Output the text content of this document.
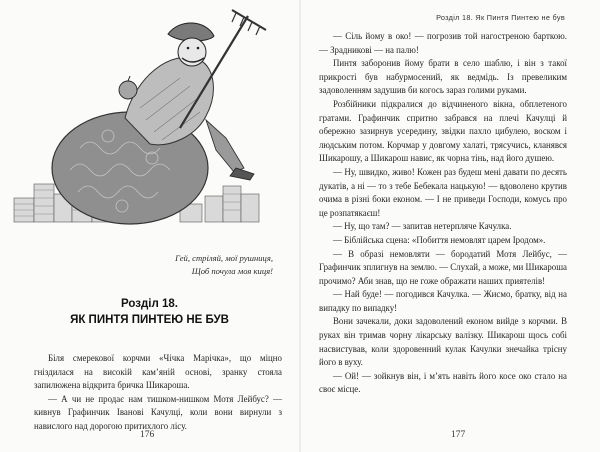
Гей, стріляй, мої рушниця,
Щоб почула моя киця!
Розділ 18.
ЯК ПИНТЯ ПИНТЕЮ НЕ БУВ

Біля смерекової корчми «Чічка Марічка», що міцно гніздилася на високій кам’яній основі, зранку стояла запилюжена відкрита бричка Шикароша.

— А чи не продає нам тишком-нишком Мотя Лейбус? — кивнув Графинчик Іванові Качулці, коли вони вирнули з навислого над дорогою притихлого лісу.

176
Розділ 18. Як Пинтя Пинтею не був

— Сіль йому в око! — погрозив той нагостреною барткою. — Зрадникові — на палю!

Пинтя заборонив йому брати в село шаблю, і він з такої прикрості був набурмосений, як ведмідь. Із превеликим задоволенням задушив би когось зараз голими руками.

Розбійники підкралися до відчиненого вікна, обплетеного гратами. Графинчик спритно забрався на плечі Качулці й обережно зазирнув усередину, звідки пахло цибулею, воском і людським потом. Корчмар у довгому халаті, трясучись, кланявся Шикарошу, а Шикарош навис, як чорна тінь, над його душею.

— Ну, швидко, живо! Кожен раз будеш мені давати по десять дукатів, а ні — то з тебе Бебекала нацькую! — вдоволено крутив очима в різні боки економ. — І не приведи Господи, комусь про це розпатякаєш!

— Ну, що там? — запитав нетерпляче Качулка.

— Біблійська сцена: «Побиття немовлят царем Іродом».

— В образі немовляти — бородатий Мотя Лейбус, — Графинчик зплигнув на землю. — Слухай, а може, ми Шикароша прочимо? Аби знав, що не гоже ображати наших приятелів!

— Най буде! — погодився Качулка. — Жисмо, братку, від на випадку по випадку!

Вони зачекали, доки задоволений економ вийде з корчми. В руках він тримав чорну лікарську валізку. Шикарош щось собі насвистував, коли здоровенний кулак Качулки знечайка трісну його в вуху.

— Ой! — зойкнув він, і м’ять навіть його косе око стало на своє місце.

177
